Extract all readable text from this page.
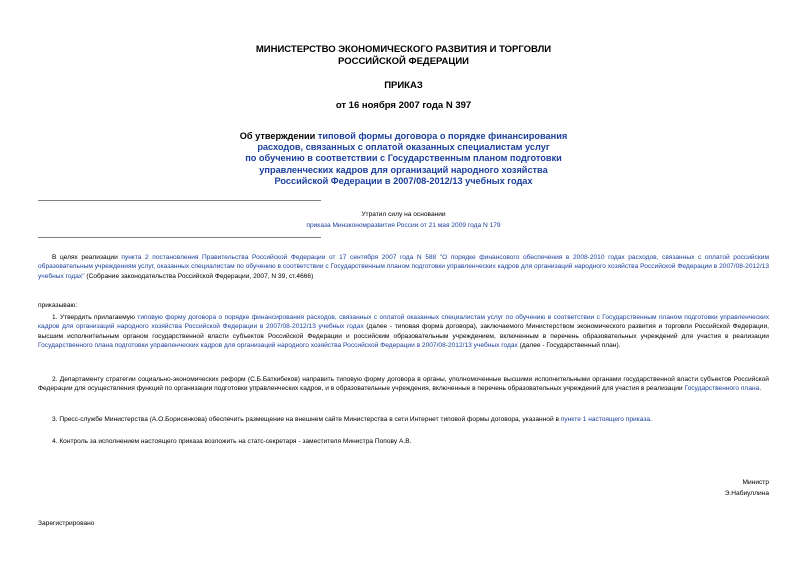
МИНИСТЕРСТВО ЭКОНОМИЧЕСКОГО РАЗВИТИЯ И ТОРГОВЛИ
РОССИЙСКОЙ ФЕДЕРАЦИИ
ПРИКАЗ
от 16 ноября 2007 года N 397
Об утверждении типовой формы договора о порядке финансирования
расходов, связанных с оплатой оказанных специалистам услуг
по обучению в соответствии с Государственным планом подготовки
управленческих кадров для организаций народного хозяйства
Российской Федерации в 2007/08-2012/13 учебных годах
Утратил силу на основании
приказа Минэкономразвития России от 21 мая 2009 года N 179
В целях реализации пункта 2 постановления Правительства Российской Федерации от 17 сентября 2007 года N 588 "О порядке финансового обеспечения в 2008-2010 годах расходов, связанных с оплатой российским образовательным учреждениям услуг, оказанных специалистам по обучению в соответствии с Государственным планом подготовки управленческих кадров для организаций народного хозяйства Российской Федерации в 2007/08-2012/13 учебных годах" (Собрание законодательства Российской Федерации, 2007, N 39, ст.4666)
приказываю:
1. Утвердить прилагаемую типовую форму договора о порядке финансирования расходов, связанных с оплатой оказанных специалистам услуг по обучению в соответствии с Государственным планом подготовки управленческих кадров для организаций народного хозяйства Российской Федерации в 2007/08-2012/13 учебных годах (далее - типовая форма договора), заключаемого Министерством экономического развития и торговли Российской Федерации, высшим исполнительным органом государственной власти субъектов Российской Федерации и российским образовательным учреждением, включенным в перечень образовательных учреждений для участия в реализации Государственного плана подготовки управленческих кадров для организаций народного хозяйства Российской Федерации в 2007/08-2012/13 учебных годах (далее - Государственный план).
2. Департаменту стратегии социально-экономических реформ (С.Б.Баткибеков) направить типовую форму договора в органы, уполномоченные высшими исполнительными органами государственной власти субъектов Российской Федерации для осуществления функций по организации подготовки управленческих кадров, и в образовательные учреждения, включенные в перечень образовательных учреждений для участия в реализации Государственного плана.
3. Пресс-службе Министерства (А.О.Борисенкова) обеспечить размещение на внешнем сайте Министерства в сети Интернет типовой формы договора, указанной в пункте 1 настоящего приказа.
4. Контроль за исполнением настоящего приказа возложить на статс-секретаря - заместителя Министра Попову А.В.
Министр
Э.Набиуллина
Зарегистрировано
